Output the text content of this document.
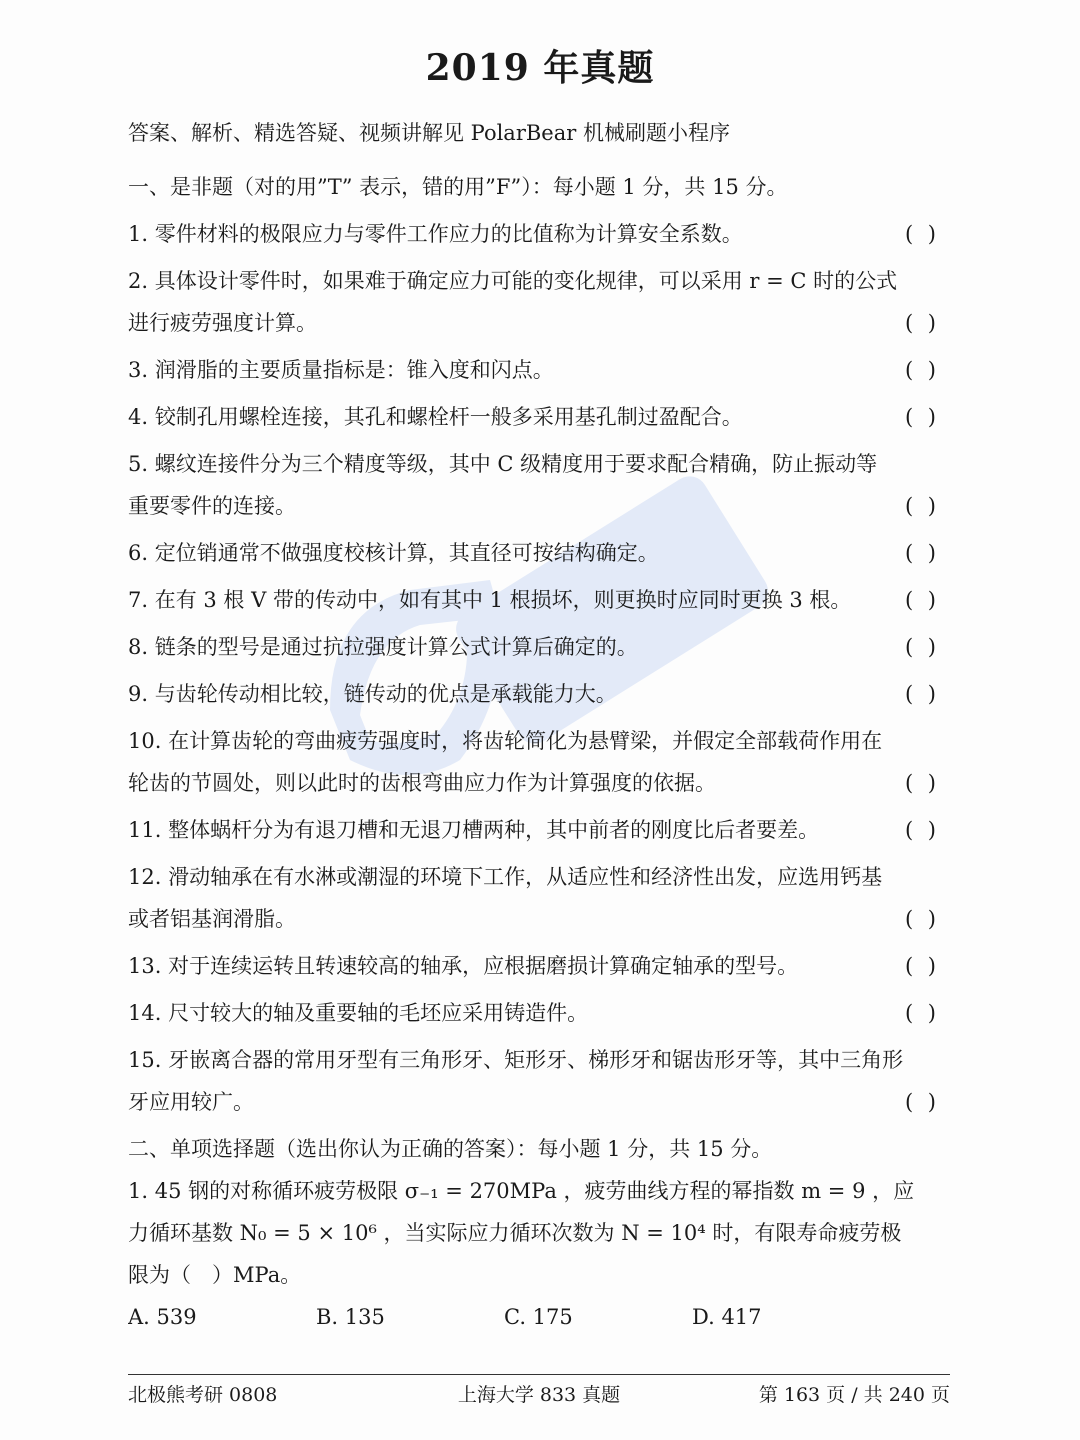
2019 年真题
答案、解析、精选答疑、视频讲解见 PolarBear 机械刷题小程序
一、是非题（对的用”T” 表示，错的用”F”）：每小题 1 分，共 15 分。
1. 零件材料的极限应力与零件工作应力的比值称为计算安全系数。	( )
2. 具体设计零件时，如果难于确定应力可能的变化规律，可以采用 r = C 时的公式
进行疲劳强度计算。	( )
3. 润滑脂的主要质量指标是：锥入度和闪点。	( )
4. 铰制孔用螺栓连接，其孔和螺栓杆一般多采用基孔制过盈配合。	( )
5. 螺纹连接件分为三个精度等级，其中 C 级精度用于要求配合精确，防止振动等
重要零件的连接。	( )
6. 定位销通常不做强度校核计算，其直径可按结构确定。	( )
7. 在有 3 根 V 带的传动中，如有其中 1 根损坏，则更换时应同时更换 3 根。	( )
8. 链条的型号是通过抗拉强度计算公式计算后确定的。	( )
9. 与齿轮传动相比较，链传动的优点是承载能力大。	( )
10. 在计算齿轮的弯曲疲劳强度时，将齿轮简化为悬臂梁，并假定全部载荷作用在
轮齿的节圆处，则以此时的齿根弯曲应力作为计算强度的依据。	( )
11. 整体蜗杆分为有退刀槽和无退刀槽两种，其中前者的刚度比后者要差。	( )
12. 滑动轴承在有水淋或潮湿的环境下工作，从适应性和经济性出发，应选用钙基
或者铝基润滑脂。	( )
13. 对于连续运转且转速较高的轴承，应根据磨损计算确定轴承的型号。	( )
14. 尺寸较大的轴及重要轴的毛坯应采用铸造件。	( )
15. 牙嵌离合器的常用牙型有三角形牙、矩形牙、梯形牙和锯齿形牙等，其中三角形
牙应用较广。	( )
二、单项选择题（选出你认为正确的答案）：每小题 1 分，共 15 分。
1. 45 钢的对称循环疲劳极限 σ₋₁ = 270MPa ，疲劳曲线方程的幂指数 m = 9 ，应
力循环基数 N₀ = 5 × 10⁶ ，当实际应力循环次数为 N = 10⁴ 时，有限寿命疲劳极
限为（　）MPa。
A. 539	B. 135	C. 175	D. 417
北极熊考研 0808	上海大学 833 真题	第 163 页 / 共 240 页
